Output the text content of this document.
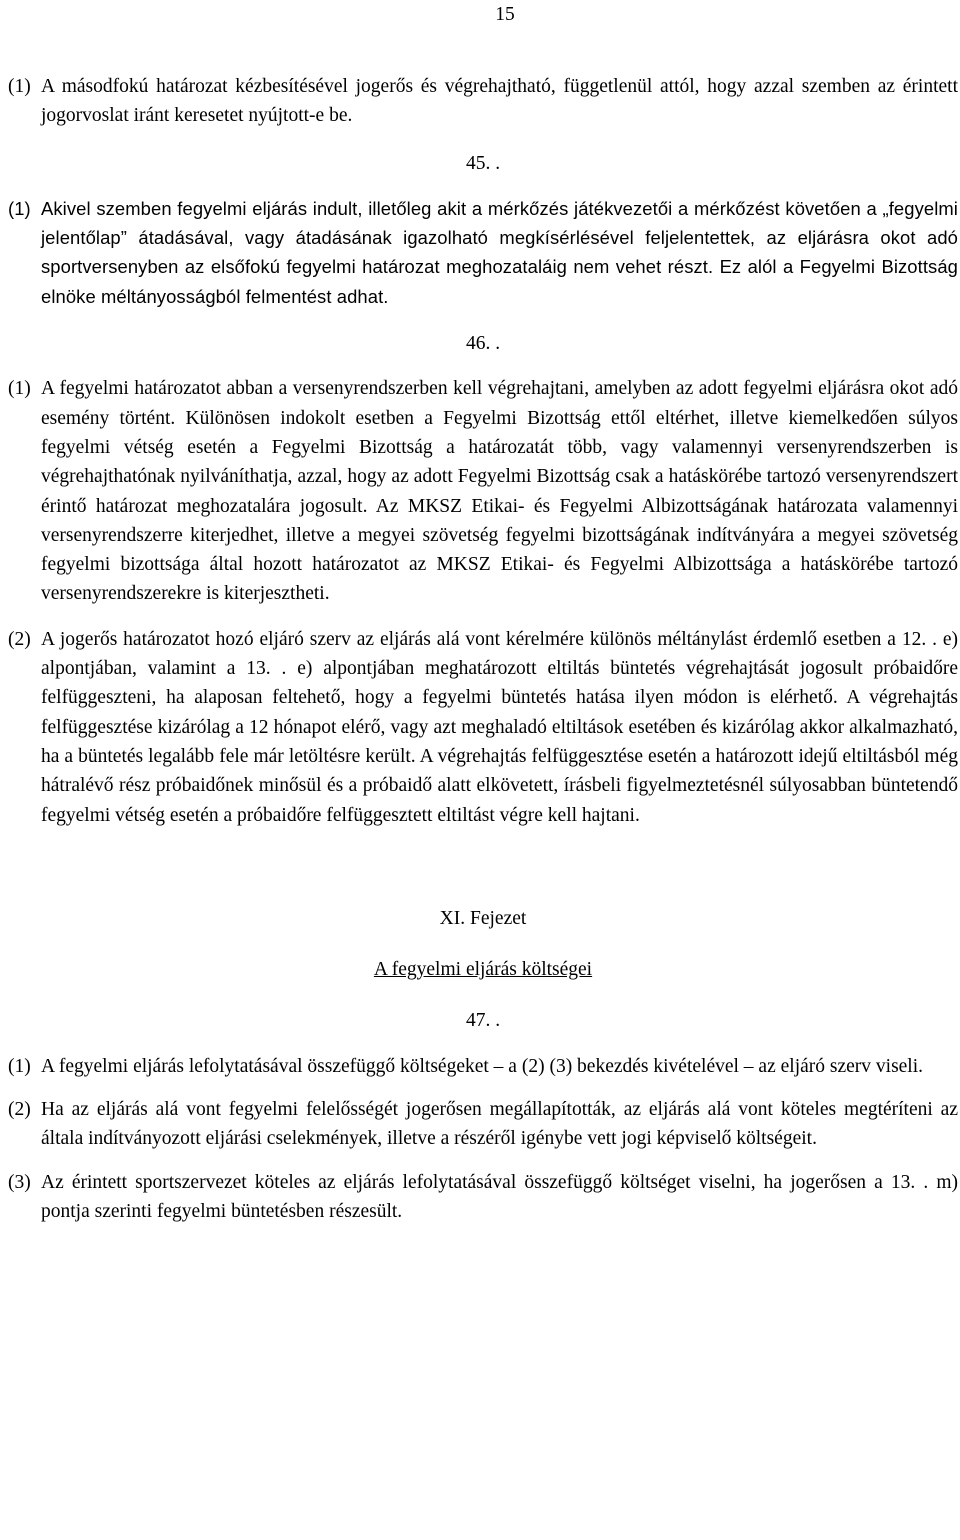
15
(1) A másodfokú határozat kézbesítésével jogerős és végrehajtható, függetlenül attól, hogy azzal szemben az érintett jogorvoslat iránt keresetet nyújtott-e be.
45. .
(1) Akivel szemben fegyelmi eljárás indult, illetőleg akit a mérkőzés játékvezetői a mérkőzést követően a „fegyelmi jelentőlap” átadásával, vagy átadásának igazolható megkísérlésével feljelentettek, az eljárásra okot adó sportversenyben az elsőfokú fegyelmi határozat meghozataláig nem vehet részt. Ez alól a Fegyelmi Bizottság elnöke méltányosságból felmentést adhat.
46. .
(1) A fegyelmi határozatot abban a versenyrendszerben kell végrehajtani, amelyben az adott fegyelmi eljárásra okot adó esemény történt. Különösen indokolt esetben a Fegyelmi Bizottság ettől eltérhet, illetve kiemelkedően súlyos fegyelmi vétség esetén a Fegyelmi Bizottság a határozatát több, vagy valamennyi versenyrendszerben is végrehajthatónak nyilváníthatja, azzal, hogy az adott Fegyelmi Bizottság csak a hatáskörébe tartozó versenyrendszert érintő határozat meghozatalára jogosult. Az MKSZ Etikai- és Fegyelmi Albizottságának határozata valamennyi versenyrendszerre kiterjedhet, illetve a megyei szövetség fegyelmi bizottságának indítványára a megyei szövetség fegyelmi bizottsága által hozott határozatot az MKSZ Etikai- és Fegyelmi Albizottsága a hatáskörébe tartozó versenyrendszerekre is kiterjesztheti.
(2) A jogerős határozatot hozó eljáró szerv az eljárás alá vont kérelmére különös méltánylást érdemlő esetben a 12. . e) alpontjában, valamint a 13. . e) alpontjában meghatározott eltiltás büntetés végrehajtását jogosult próbaidőre felfüggeszteni, ha alaposan feltehető, hogy a fegyelmi büntetés hatása ilyen módon is elérhető. A végrehajtás felfüggesztése kizárólag a 12 hónapot elérő, vagy azt meghaladó eltiltások esetében és kizárólag akkor alkalmazható, ha a büntetés legalább fele már letöltésre került. A végrehajtás felfüggesztése esetén a határozott idejű eltiltásból még hátralévő rész próbaidőnek minősül és a próbaidő alatt elkövetett, írásbeli figyelmeztetésnél súlyosabban büntetendő fegyelmi vétség esetén a próbaidőre felfüggesztett eltiltást végre kell hajtani.
XI. Fejezet
A fegyelmi eljárás költségei
47. .
(1) A fegyelmi eljárás lefolytatásával összefüggő költségeket – a (2) (3) bekezdés kivételével – az eljáró szerv viseli.
(2) Ha az eljárás alá vont fegyelmi felelősségét jogerősen megállapították, az eljárás alá vont köteles megtéríteni az általa indítványozott eljárási cselekmények, illetve a részéről igénybe vett jogi képviselő költségeit.
(3) Az érintett sportszervezet köteles az eljárás lefolytatásával összefüggő költséget viselni, ha jogerősen a 13. . m) pontja szerinti fegyelmi büntetésben részesült.
